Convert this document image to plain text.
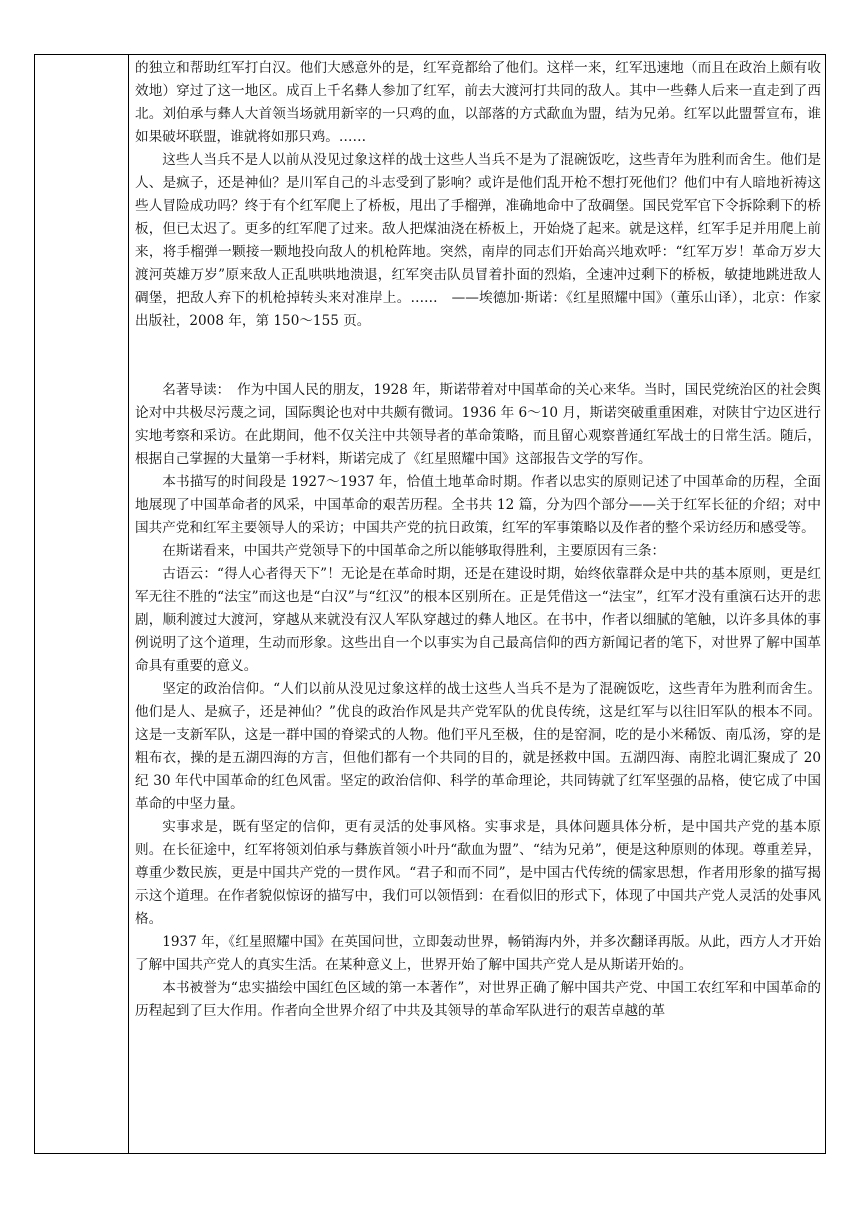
的独立和帮助红军打白汉。他们大感意外的是，红军竟都给了他们。这样一来，红军迅速地（而且在政治上颇有收效地）穿过了这一地区。成百上千名彝人参加了红军，前去大渡河打共同的敌人。其中一些彝人后来一直走到了西北。刘伯承与彝人大首领当场就用新宰的一只鸡的血，以部落的方式歃血为盟，结为兄弟。红军以此盟誓宣布，谁如果破坏联盟，谁就将如那只鸡。……

这些人当兵不是人以前从没见过象这样的战士这些人当兵不是为了混碗饭吃，这些青年为胜利而舍生。他们是人、是疯子，还是神仙？是川军自己的斗志受到了影响？或许是他们乱开枪不想打死他们？他们中有人暗地祈祷这些人冒险成功吗？终于有个红军爬上了桥板，甩出了手榴弹，准确地命中了敌碉堡。国民党军官下令拆除剩下的桥板，但已太迟了。更多的红军爬了过来。敌人把煤油浇在桥板上，开始烧了起来。就是这样，红军手足并用爬上前来，将手榴弹一颗接一颗地投向敌人的机枪阵地。突然，南岸的同志们开始高兴地欢呼：“红军万岁！革命万岁大渡河英雄万岁”原来敌人正乱哄哄地溃退，红军突击队员冒着扑面的烈焰，全速冲过剩下的桥板，敏捷地跳进敌人碉堡，把敌人弃下的机枪掉转头来对准岸上。……　——埃德加·斯诺：《红星照耀中国》（董乐山译），北京：作家出版社，2008 年，第 150～155 页。

名著导读：　作为中国人民的朋友，1928 年，斯诺带着对中国革命的关心来华。当时，国民党统治区的社会舆论对中共极尽污蔑之词，国际舆论也对中共颇有微词。1936 年 6～10 月，斯诺突破重重困难，对陕甘宁边区进行实地考察和采访。在此期间，他不仅关注中共领导者的革命策略，而且留心观察普通红军战士的日常生活。随后，根据自己掌握的大量第一手材料，斯诺完成了《红星照耀中国》这部报告文学的写作。

本书描写的时间段是 1927～1937 年，恰值土地革命时期。作者以忠实的原则记述了中国革命的历程，全面地展现了中国革命者的风采，中国革命的艰苦历程。全书共 12 篇，分为四个部分——关于红军长征的介绍；对中国共产党和红军主要领导人的采访；中国共产党的抗日政策，红军的军事策略以及作者的整个采访经历和感受等。

在斯诺看来，中国共产党领导下的中国革命之所以能够取得胜利，主要原因有三条：

古语云：“得人心者得天下”！无论是在革命时期，还是在建设时期，始终依靠群众是中共的基本原则，更是红军无往不胜的“法宝”而这也是“白汉”与“红汉”的根本区别所在。正是凭借这一“法宝”，红军才没有重演石达开的悲剧，顺利渡过大渡河，穿越从来就没有汉人军队穿越过的彝人地区。在书中，作者以细腻的笔触，以许多具体的事例说明了这个道理，生动而形象。这些出自一个以事实为自己最高信仰的西方新闻记者的笔下，对世界了解中国革命具有重要的意义。

坚定的政治信仰。“人们以前从没见过象这样的战士这些人当兵不是为了混碗饭吃，这些青年为胜利而舍生。他们是人、是疯子，还是神仙？”优良的政治作风是共产党军队的优良传统，这是红军与以往旧军队的根本不同。这是一支新军队，这是一群中国的脊梁式的人物。他们平凡至极，住的是窑洞，吃的是小米稀饭、南瓜汤，穿的是粗布衣，操的是五湖四海的方言，但他们都有一个共同的目的，就是拯救中国。五湖四海、南腔北调汇聚成了 20 纪 30 年代中国革命的红色风雷。坚定的政治信仰、科学的革命理论，共同铸就了红军坚强的品格，使它成了中国革命的中坚力量。

实事求是，既有坚定的信仰，更有灵活的处事风格。实事求是，具体问题具体分析，是中国共产党的基本原则。在长征途中，红军将领刘伯承与彝族首领小叶丹“歃血为盟”、“结为兄弟”，便是这种原则的体现。尊重差异，尊重少数民族，更是中国共产党的一贯作风。“君子和而不同”，是中国古代传统的儒家思想，作者用形象的描写揭示这个道理。在作者貌似惊讶的描写中，我们可以领悟到：在看似旧的形式下，体现了中国共产党人灵活的处事风格。

1937 年，《红星照耀中国》在英国问世，立即轰动世界，畅销海内外，并多次翻译再版。从此，西方人才开始了解中国共产党人的真实生活。在某种意义上，世界开始了解中国共产党人是从斯诺开始的。

本书被誉为“忠实描绘中国红色区域的第一本著作”，对世界正确了解中国共产党、中国工农红军和中国革命的历程起到了巨大作用。作者向全世界介绍了中共及其领导的革命军队进行的艰苦卓越的革
